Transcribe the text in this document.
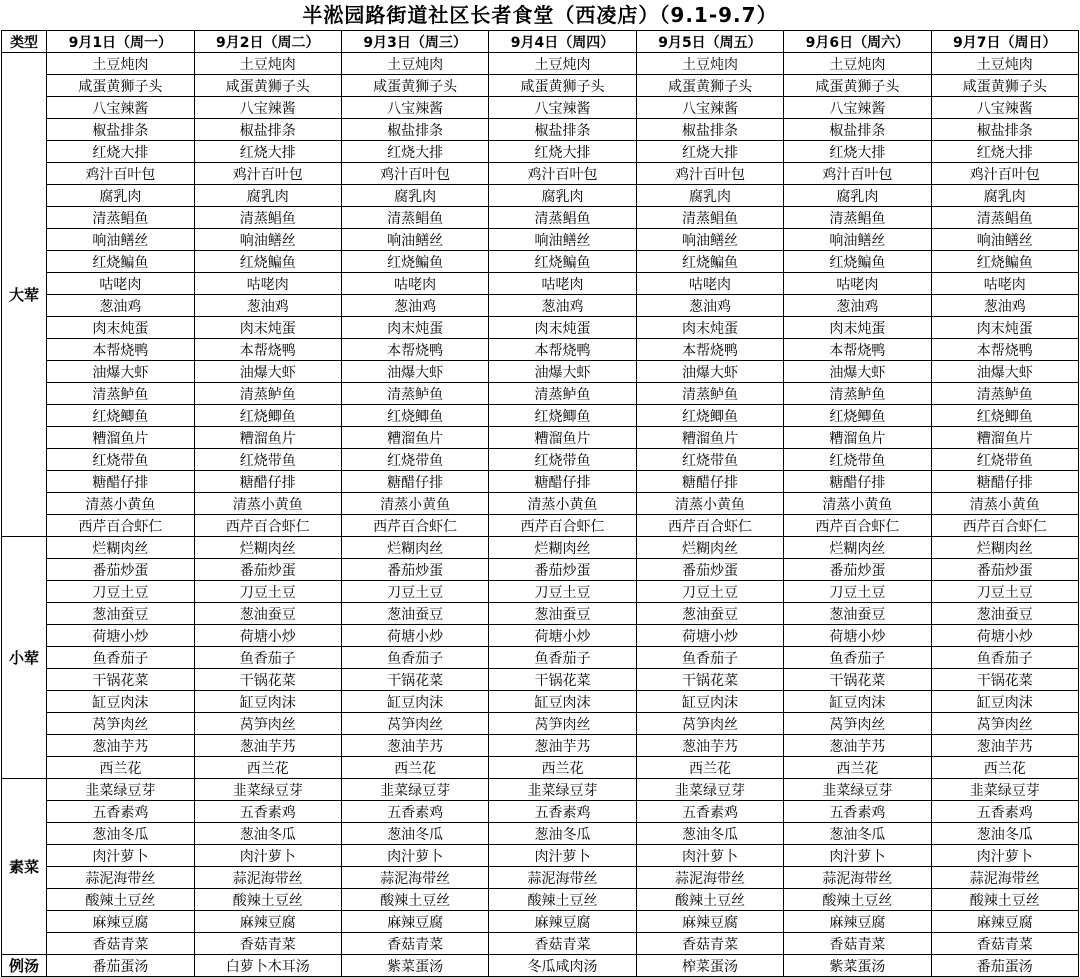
半淞园路街道社区长者食堂（西凌店）（9.1-9.7）
类型	9月1日（周一）	9月2日（周二）	9月3日（周三）	9月4日（周四）	9月5日（周五）	9月6日（周六）	9月7日（周日）
大荤	土豆炖肉	土豆炖肉	土豆炖肉	土豆炖肉	土豆炖肉	土豆炖肉	土豆炖肉
	咸蛋黄狮子头	咸蛋黄狮子头	咸蛋黄狮子头	咸蛋黄狮子头	咸蛋黄狮子头	咸蛋黄狮子头	咸蛋黄狮子头
	八宝辣酱	八宝辣酱	八宝辣酱	八宝辣酱	八宝辣酱	八宝辣酱	八宝辣酱
	椒盐排条	椒盐排条	椒盐排条	椒盐排条	椒盐排条	椒盐排条	椒盐排条
	红烧大排	红烧大排	红烧大排	红烧大排	红烧大排	红烧大排	红烧大排
	鸡汁百叶包	鸡汁百叶包	鸡汁百叶包	鸡汁百叶包	鸡汁百叶包	鸡汁百叶包	鸡汁百叶包
	腐乳肉	腐乳肉	腐乳肉	腐乳肉	腐乳肉	腐乳肉	腐乳肉
	清蒸鲳鱼	清蒸鲳鱼	清蒸鲳鱼	清蒸鲳鱼	清蒸鲳鱼	清蒸鲳鱼	清蒸鲳鱼
	响油鳝丝	响油鳝丝	响油鳝丝	响油鳝丝	响油鳝丝	响油鳝丝	响油鳝丝
	红烧鳊鱼	红烧鳊鱼	红烧鳊鱼	红烧鳊鱼	红烧鳊鱼	红烧鳊鱼	红烧鳊鱼
	咕咾肉	咕咾肉	咕咾肉	咕咾肉	咕咾肉	咕咾肉	咕咾肉
	葱油鸡	葱油鸡	葱油鸡	葱油鸡	葱油鸡	葱油鸡	葱油鸡
	肉末炖蛋	肉末炖蛋	肉末炖蛋	肉末炖蛋	肉末炖蛋	肉末炖蛋	肉末炖蛋
	本帮烧鸭	本帮烧鸭	本帮烧鸭	本帮烧鸭	本帮烧鸭	本帮烧鸭	本帮烧鸭
	油爆大虾	油爆大虾	油爆大虾	油爆大虾	油爆大虾	油爆大虾	油爆大虾
	清蒸鲈鱼	清蒸鲈鱼	清蒸鲈鱼	清蒸鲈鱼	清蒸鲈鱼	清蒸鲈鱼	清蒸鲈鱼
	红烧鲫鱼	红烧鲫鱼	红烧鲫鱼	红烧鲫鱼	红烧鲫鱼	红烧鲫鱼	红烧鲫鱼
	糟溜鱼片	糟溜鱼片	糟溜鱼片	糟溜鱼片	糟溜鱼片	糟溜鱼片	糟溜鱼片
	红烧带鱼	红烧带鱼	红烧带鱼	红烧带鱼	红烧带鱼	红烧带鱼	红烧带鱼
	糖醋仔排	糖醋仔排	糖醋仔排	糖醋仔排	糖醋仔排	糖醋仔排	糖醋仔排
	清蒸小黄鱼	清蒸小黄鱼	清蒸小黄鱼	清蒸小黄鱼	清蒸小黄鱼	清蒸小黄鱼	清蒸小黄鱼
	西芹百合虾仁	西芹百合虾仁	西芹百合虾仁	西芹百合虾仁	西芹百合虾仁	西芹百合虾仁	西芹百合虾仁
小荤	烂糊肉丝	烂糊肉丝	烂糊肉丝	烂糊肉丝	烂糊肉丝	烂糊肉丝	烂糊肉丝
	番茄炒蛋	番茄炒蛋	番茄炒蛋	番茄炒蛋	番茄炒蛋	番茄炒蛋	番茄炒蛋
	刀豆土豆	刀豆土豆	刀豆土豆	刀豆土豆	刀豆土豆	刀豆土豆	刀豆土豆
	葱油蚕豆	葱油蚕豆	葱油蚕豆	葱油蚕豆	葱油蚕豆	葱油蚕豆	葱油蚕豆
	荷塘小炒	荷塘小炒	荷塘小炒	荷塘小炒	荷塘小炒	荷塘小炒	荷塘小炒
	鱼香茄子	鱼香茄子	鱼香茄子	鱼香茄子	鱼香茄子	鱼香茄子	鱼香茄子
	干锅花菜	干锅花菜	干锅花菜	干锅花菜	干锅花菜	干锅花菜	干锅花菜
	缸豆肉沫	缸豆肉沫	缸豆肉沫	缸豆肉沫	缸豆肉沫	缸豆肉沫	缸豆肉沫
	莴笋肉丝	莴笋肉丝	莴笋肉丝	莴笋肉丝	莴笋肉丝	莴笋肉丝	莴笋肉丝
	葱油芋艿	葱油芋艿	葱油芋艿	葱油芋艿	葱油芋艿	葱油芋艿	葱油芋艿
	西兰花	西兰花	西兰花	西兰花	西兰花	西兰花	西兰花
素菜	韭菜绿豆芽	韭菜绿豆芽	韭菜绿豆芽	韭菜绿豆芽	韭菜绿豆芽	韭菜绿豆芽	韭菜绿豆芽
	五香素鸡	五香素鸡	五香素鸡	五香素鸡	五香素鸡	五香素鸡	五香素鸡
	葱油冬瓜	葱油冬瓜	葱油冬瓜	葱油冬瓜	葱油冬瓜	葱油冬瓜	葱油冬瓜
	肉汁萝卜	肉汁萝卜	肉汁萝卜	肉汁萝卜	肉汁萝卜	肉汁萝卜	肉汁萝卜
	蒜泥海带丝	蒜泥海带丝	蒜泥海带丝	蒜泥海带丝	蒜泥海带丝	蒜泥海带丝	蒜泥海带丝
	酸辣土豆丝	酸辣土豆丝	酸辣土豆丝	酸辣土豆丝	酸辣土豆丝	酸辣土豆丝	酸辣土豆丝
	麻辣豆腐	麻辣豆腐	麻辣豆腐	麻辣豆腐	麻辣豆腐	麻辣豆腐	麻辣豆腐
	香菇青菜	香菇青菜	香菇青菜	香菇青菜	香菇青菜	香菇青菜	香菇青菜
例汤	番茄蛋汤	白萝卜木耳汤	紫菜蛋汤	冬瓜咸肉汤	榨菜蛋汤	紫菜蛋汤	番茄蛋汤
